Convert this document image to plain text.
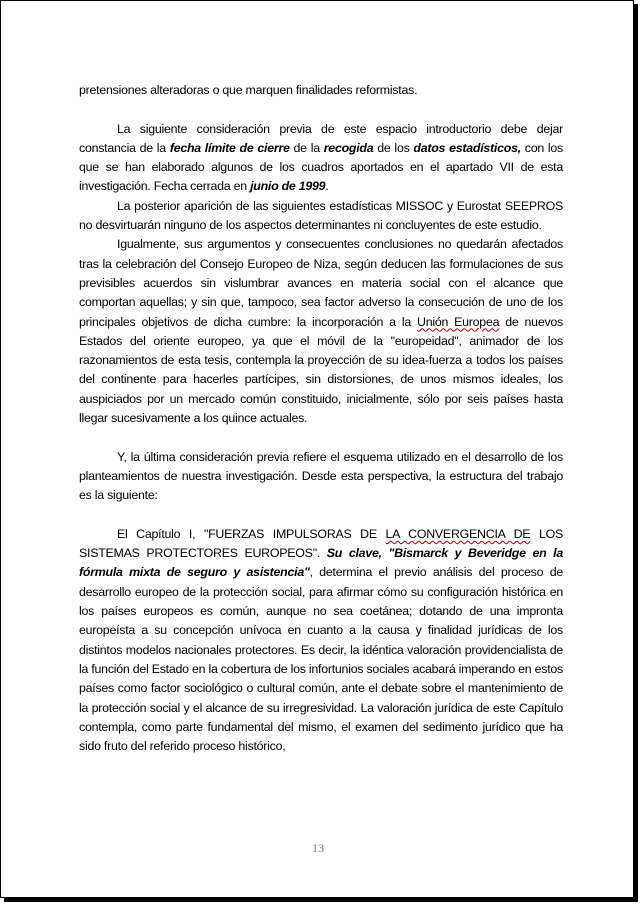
pretensiones alteradoras o que marquen finalidades reformistas.

La siguiente consideración previa de este espacio introductorio debe dejar constancia de la fecha límite de cierre de la recogida de los datos estadísticos, con los que se han elaborado algunos de los cuadros aportados en el apartado VII de esta investigación. Fecha cerrada en junio de 1999.

La posterior aparición de las siguientes estadísticas MISSOC y Eurostat SEEPROS no desvirtuarán ninguno de los aspectos determinantes ni concluyentes de este estudio.

Igualmente, sus argumentos y consecuentes conclusiones no quedarán afectados tras la celebración del Consejo Europeo de Niza, según deducen las formulaciones de sus previsibles acuerdos sin vislumbrar avances en materia social con el alcance que comportan aquellas; y sin que, tampoco, sea factor adverso la consecución de uno de los principales objetivos de dicha cumbre: la incorporación a la Unión Europea de nuevos Estados del oriente europeo, ya que el móvil de la "europeidad", animador de los razonamientos de esta tesis, contempla la proyección de su idea-fuerza a todos los países del continente para hacerles partícipes, sin distorsiones, de unos mismos ideales, los auspiciados por un mercado común constituido, inicialmente, sólo por seis países hasta llegar sucesivamente a los quince actuales.

Y, la última consideración previa refiere el esquema utilizado en el desarrollo de los planteamientos de nuestra investigación. Desde esta perspectiva, la estructura del trabajo es la siguiente:

El Capítulo I, "FUERZAS IMPULSORAS DE LA CONVERGENCIA DE LOS SISTEMAS PROTECTORES EUROPEOS". Su clave, "Bismarck y Beveridge en la fórmula mixta de seguro y asistencia", determina el previo análisis del proceso de desarrollo europeo de la protección social, para afirmar cómo su configuración histórica en los países europeos es común, aunque no sea coetánea; dotando de una impronta europeísta a su concepción unívoca en cuanto a la causa y finalidad jurídicas de los distintos modelos nacionales protectores. Es decir, la idéntica valoración providencialista de la función del Estado en la cobertura de los infortunios sociales acabará imperando en estos países como factor sociológico o cultural común, ante el debate sobre el mantenimiento de la protección social y el alcance de su irregresividad. La valoración jurídica de este Capítulo contempla, como parte fundamental del mismo, el examen del sedimento jurídico que ha sido fruto del referido proceso histórico,

13
